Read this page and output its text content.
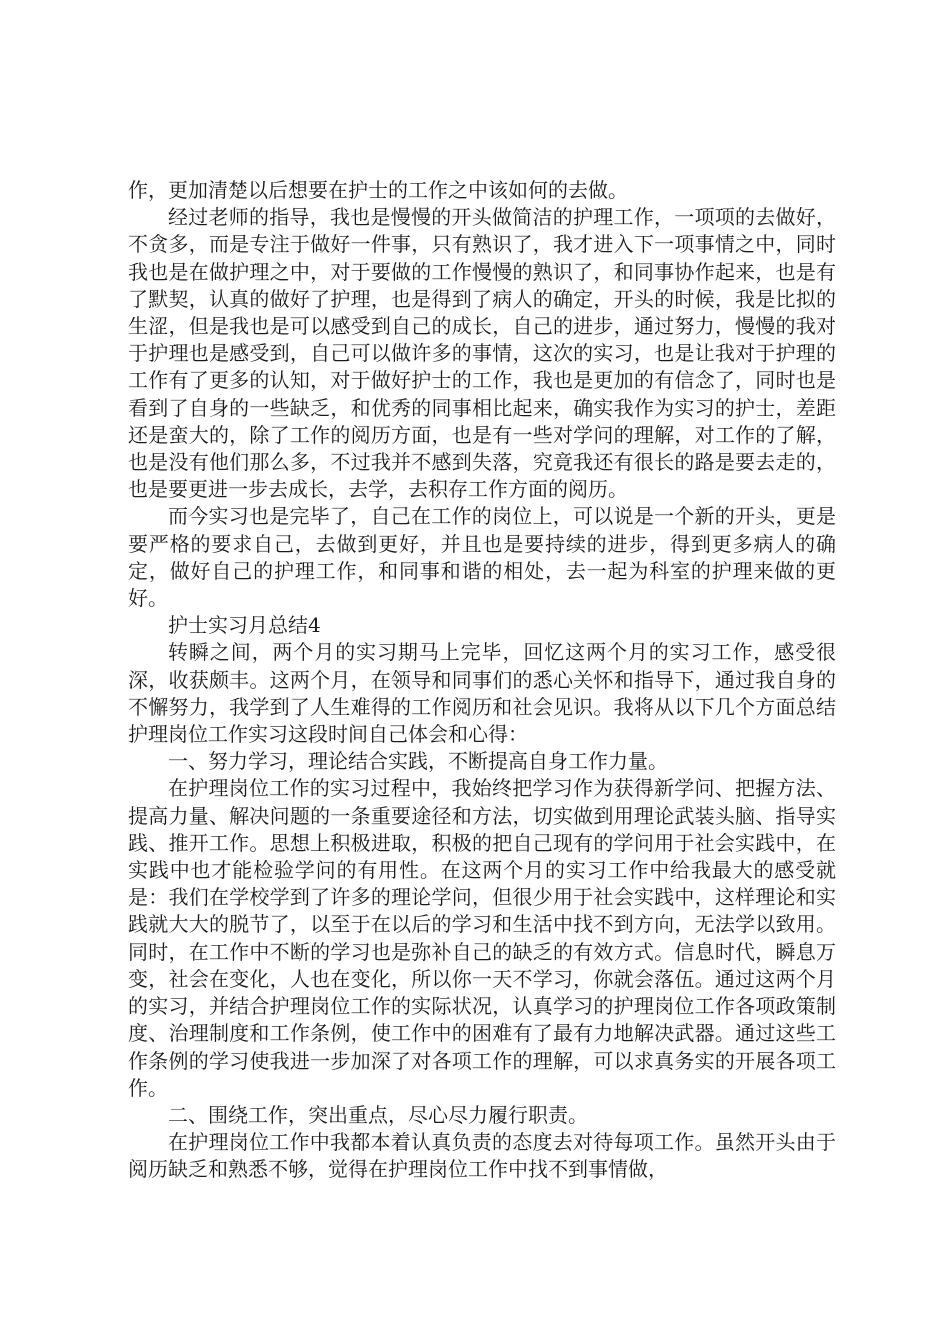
作，更加清楚以后想要在护士的工作之中该如何的去做。

经过老师的指导，我也是慢慢的开头做简洁的护理工作，一项项的去做好，不贪多，而是专注于做好一件事，只有熟识了，我才进入下一项事情之中，同时我也是在做护理之中，对于要做的工作慢慢的熟识了，和同事协作起来，也是有了默契，认真的做好了护理，也是得到了病人的确定，开头的时候，我是比拟的生涩，但是我也是可以感受到自己的成长，自己的进步，通过努力，慢慢的我对于护理也是感受到，自己可以做许多的事情，这次的实习，也是让我对于护理的工作有了更多的认知，对于做好护士的工作，我也是更加的有信念了，同时也是看到了自身的一些缺乏，和优秀的同事相比起来，确实我作为实习的护士，差距还是蛮大的，除了工作的阅历方面，也是有一些对学问的理解，对工作的了解，也是没有他们那么多，不过我并不感到失落，究竟我还有很长的路是要去走的，也是要更进一步去成长，去学，去积存工作方面的阅历。

而今实习也是完毕了，自己在工作的岗位上，可以说是一个新的开头，更是要严格的要求自己，去做到更好，并且也是要持续的进步，得到更多病人的确定，做好自己的护理工作，和同事和谐的相处，去一起为科室的护理来做的更好。

护士实习月总结4

转瞬之间，两个月的实习期马上完毕，回忆这两个月的实习工作，感受很深，收获颇丰。这两个月，在领导和同事们的悉心关怀和指导下，通过我自身的不懈努力，我学到了人生难得的工作阅历和社会见识。我将从以下几个方面总结护理岗位工作实习这段时间自己体会和心得：

一、努力学习，理论结合实践，不断提高自身工作力量。

在护理岗位工作的实习过程中，我始终把学习作为获得新学问、把握方法、提高力量、解决问题的一条重要途径和方法，切实做到用理论武装头脑、指导实践、推开工作。思想上积极进取，积极的把自己现有的学问用于社会实践中，在实践中也才能检验学问的有用性。在这两个月的实习工作中给我最大的感受就是：我们在学校学到了许多的理论学问，但很少用于社会实践中，这样理论和实践就大大的脱节了，以至于在以后的学习和生活中找不到方向，无法学以致用。同时，在工作中不断的学习也是弥补自己的缺乏的有效方式。信息时代，瞬息万变，社会在变化，人也在变化，所以你一天不学习，你就会落伍。通过这两个月的实习，并结合护理岗位工作的实际状况，认真学习的护理岗位工作各项政策制度、治理制度和工作条例，使工作中的困难有了最有力地解决武器。通过这些工作条例的学习使我进一步加深了对各项工作的理解，可以求真务实的开展各项工作。

二、围绕工作，突出重点，尽心尽力履行职责。

在护理岗位工作中我都本着认真负责的态度去对待每项工作。虽然开头由于阅历缺乏和熟悉不够，觉得在护理岗位工作中找不到事情做，
